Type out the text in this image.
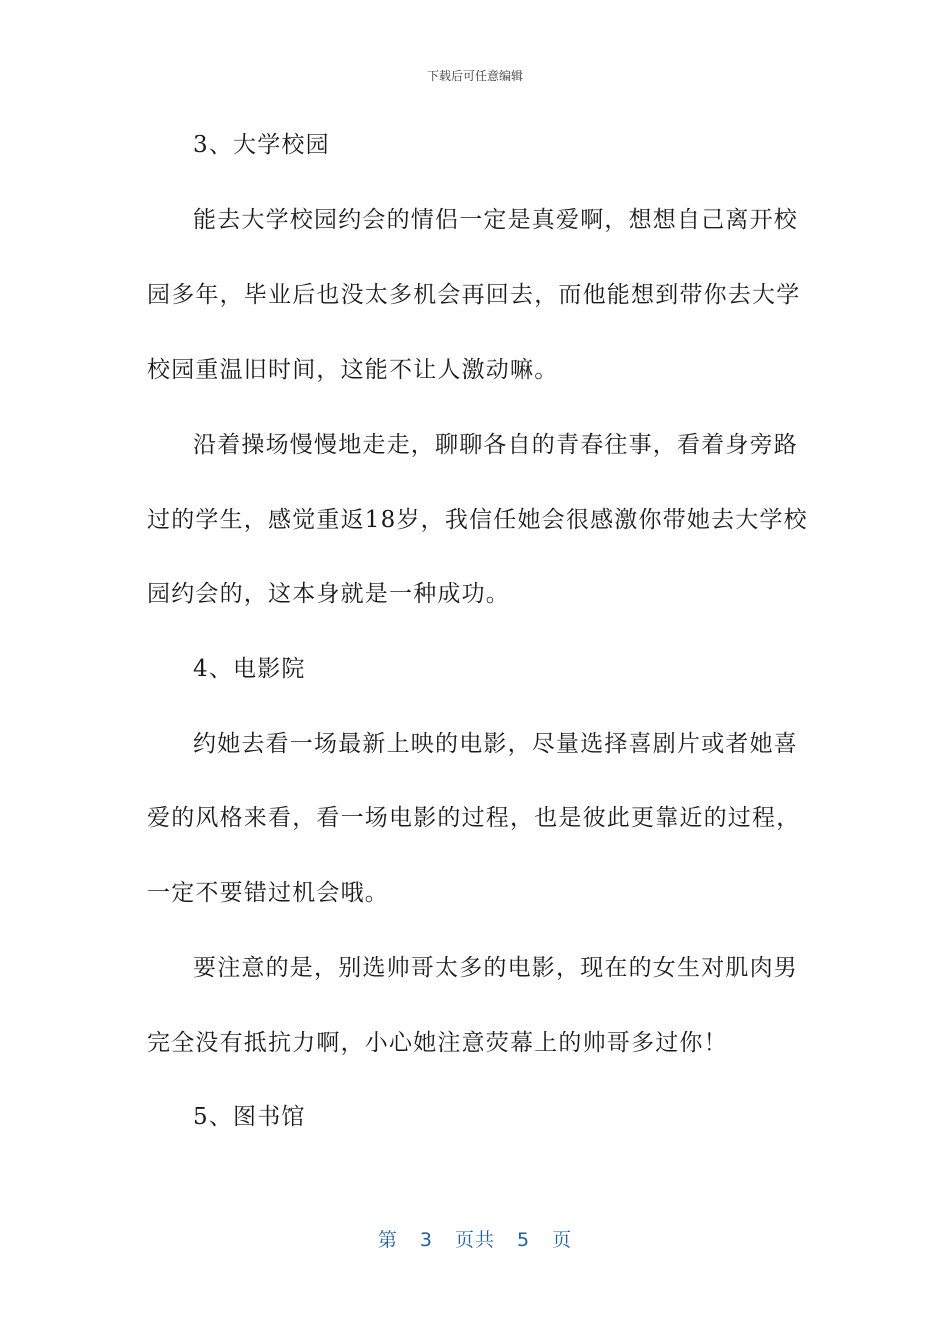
下载后可任意编辑
3、大学校园
能去大学校园约会的情侣一定是真爱啊，想想自己离开校
园多年，毕业后也没太多机会再回去，而他能想到带你去大学
校园重温旧时间，这能不让人激动嘛。
沿着操场慢慢地走走，聊聊各自的青春往事，看着身旁路
过的学生，感觉重返18岁，我信任她会很感激你带她去大学校
园约会的，这本身就是一种成功。
4、电影院
约她去看一场最新上映的电影，尽量选择喜剧片或者她喜
爱的风格来看，看一场电影的过程，也是彼此更靠近的过程，
一定不要错过机会哦。
要注意的是，别选帅哥太多的电影，现在的女生对肌肉男
完全没有抵抗力啊，小心她注意荧幕上的帅哥多过你！
5、图书馆
第 3 页共 5 页
